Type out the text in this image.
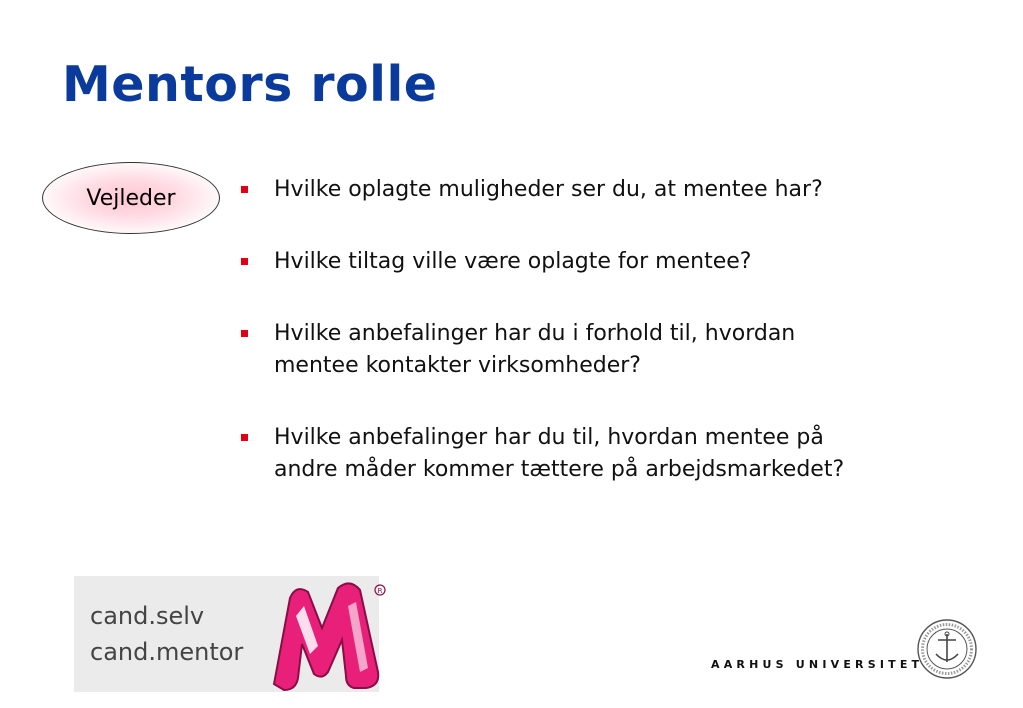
Mentors rolle
Vejleder	Hvilke oplagte muligheder ser du, at mentee har?
Hvilke tiltag ville være oplagte for mentee?
Hvilke anbefalinger har du i forhold til, hvordan
mentee kontakter virksomheder?
Hvilke anbefalinger har du til, hvordan mentee på
andre måder kommer tættere på arbejdsmarkedet?
cand.selv
cand.mentor
R
AARHUS UNIVERSITET
